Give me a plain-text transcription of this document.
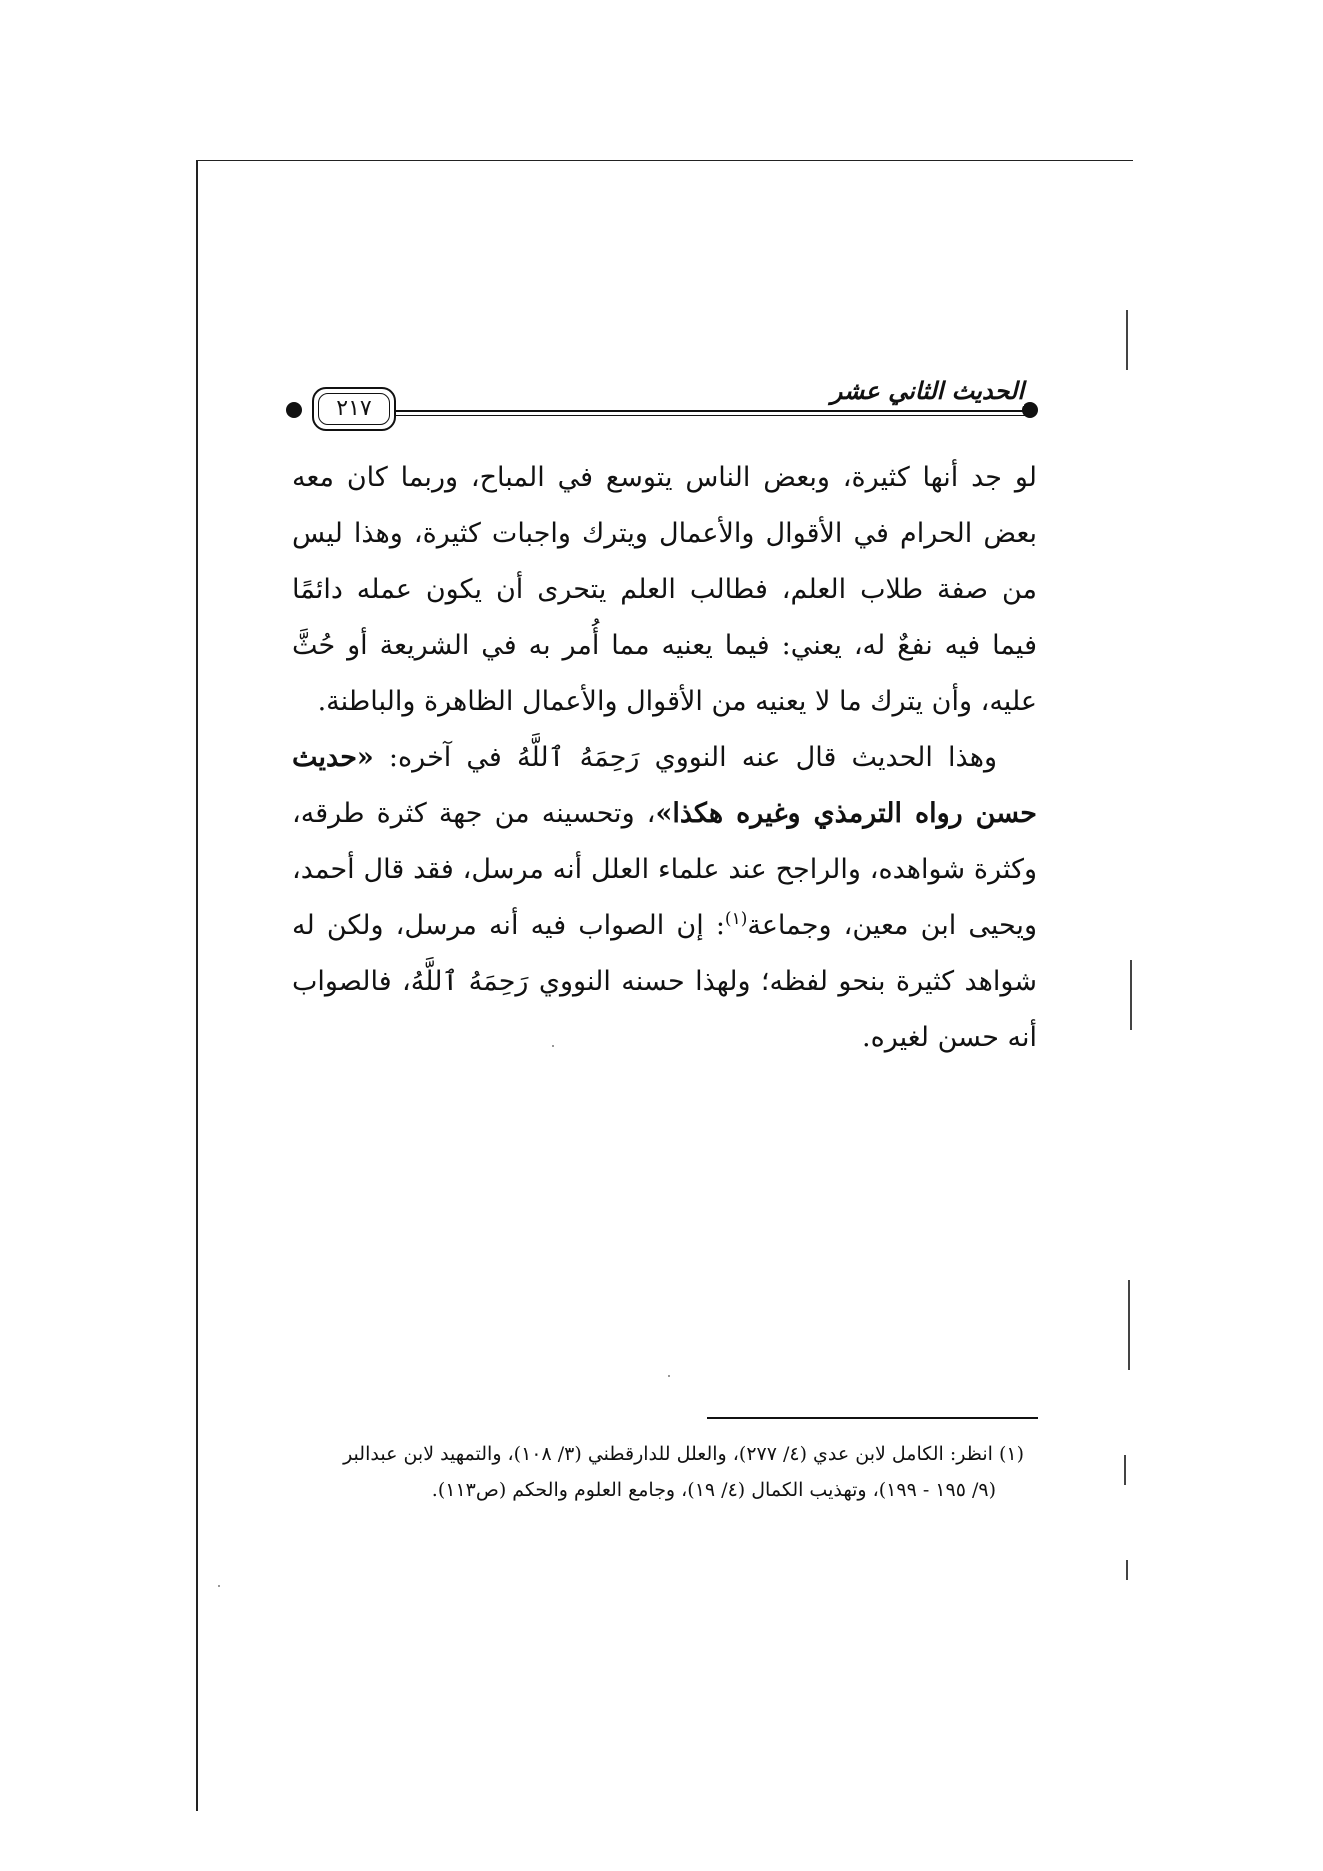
٢١٧
الحديث الثاني عشر

لو جد أنها كثيرة، وبعض الناس يتوسع في المباح، وربما كان معه بعض الحرام في الأقوال والأعمال ويترك واجبات كثيرة، وهذا ليس من صفة طلاب العلم، فطالب العلم يتحرى أن يكون عمله دائمًا فيما فيه نفعٌ له، يعني: فيما يعنيه مما أُمر به في الشريعة أو حُثَّ عليه، وأن يترك ما لا يعنيه من الأقوال والأعمال الظاهرة والباطنة.

وهذا الحديث قال عنه النووي رَحِمَهُ ٱللَّهُ في آخره: «حديث حسن رواه الترمذي وغيره هكذا»، وتحسينه من جهة كثرة طرقه، وكثرة شواهده، والراجح عند علماء العلل أنه مرسل، فقد قال أحمد، ويحيى ابن معين، وجماعة$^{(١)}$: إن الصواب فيه أنه مرسل، ولكن له شواهد كثيرة بنحو لفظه؛ ولهذا حسنه النووي رَحِمَهُ ٱللَّهُ، فالصواب أنه حسن لغيره.

(١) انظر: الكامل لابن عدي (٤/ ٢٧٧)، والعلل للدارقطني (٣/ ١٠٨)، والتمهيد لابن عبدالبر

(٩/ ١٩٥ - ١٩٩)، وتهذيب الكمال (٤/ ١٩)، وجامع العلوم والحكم (ص١١٣).
